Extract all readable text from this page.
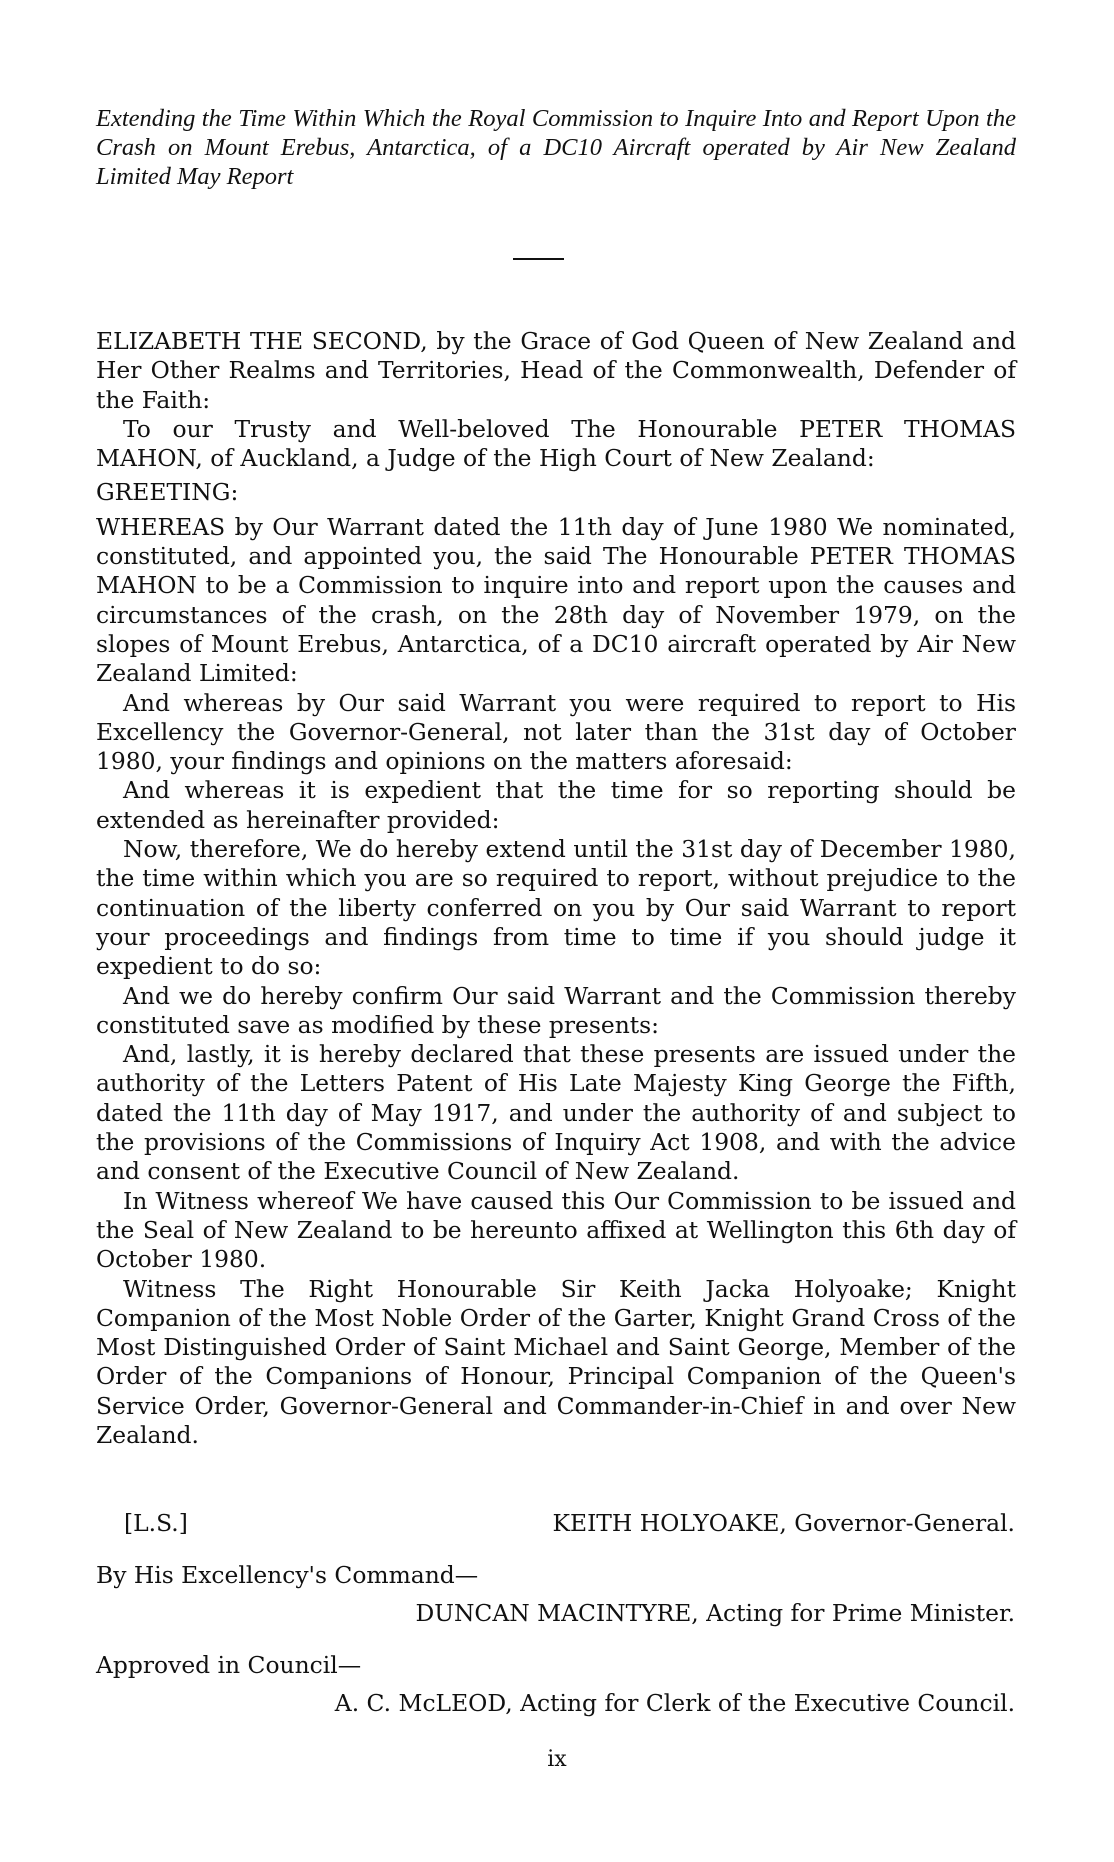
Extending the Time Within Which the Royal Commission to Inquire Into and Report Upon the Crash on Mount Erebus, Antarctica, of a DC10 Aircraft operated by Air New Zealand Limited May Report

ELIZABETH THE SECOND, by the Grace of God Queen of New Zealand and Her Other Realms and Territories, Head of the Commonwealth, Defender of the Faith:

To our Trusty and Well-beloved The Honourable PETER THOMAS MAHON, of Auckland, a Judge of the High Court of New Zealand:

GREETING:

WHEREAS by Our Warrant dated the 11th day of June 1980 We nominated, constituted, and appointed you, the said The Honourable PETER THOMAS MAHON to be a Commission to inquire into and report upon the causes and circumstances of the crash, on the 28th day of November 1979, on the slopes of Mount Erebus, Antarctica, of a DC10 aircraft operated by Air New Zealand Limited:

And whereas by Our said Warrant you were required to report to His Excellency the Governor-General, not later than the 31st day of October 1980, your findings and opinions on the matters aforesaid:

And whereas it is expedient that the time for so reporting should be extended as hereinafter provided:

Now, therefore, We do hereby extend until the 31st day of December 1980, the time within which you are so required to report, without prejudice to the continuation of the liberty conferred on you by Our said Warrant to report your proceedings and findings from time to time if you should judge it expedient to do so:

And we do hereby confirm Our said Warrant and the Commission thereby constituted save as modified by these presents:

And, lastly, it is hereby declared that these presents are issued under the authority of the Letters Patent of His Late Majesty King George the Fifth, dated the 11th day of May 1917, and under the authority of and subject to the provisions of the Commissions of Inquiry Act 1908, and with the advice and consent of the Executive Council of New Zealand.

In Witness whereof We have caused this Our Commission to be issued and the Seal of New Zealand to be hereunto affixed at Wellington this 6th day of October 1980.

Witness The Right Honourable Sir Keith Jacka Holyoake; Knight Companion of the Most Noble Order of the Garter, Knight Grand Cross of the Most Distinguished Order of Saint Michael and Saint George, Member of the Order of the Companions of Honour, Principal Companion of the Queen's Service Order, Governor-General and Commander-in-Chief in and over New Zealand.

[L.S.]	KEITH HOLYOAKE, Governor-General.
By His Excellency's Command—
DUNCAN MACINTYRE, Acting for Prime Minister.
Approved in Council—
A. C. McLEOD, Acting for Clerk of the Executive Council.
ix
